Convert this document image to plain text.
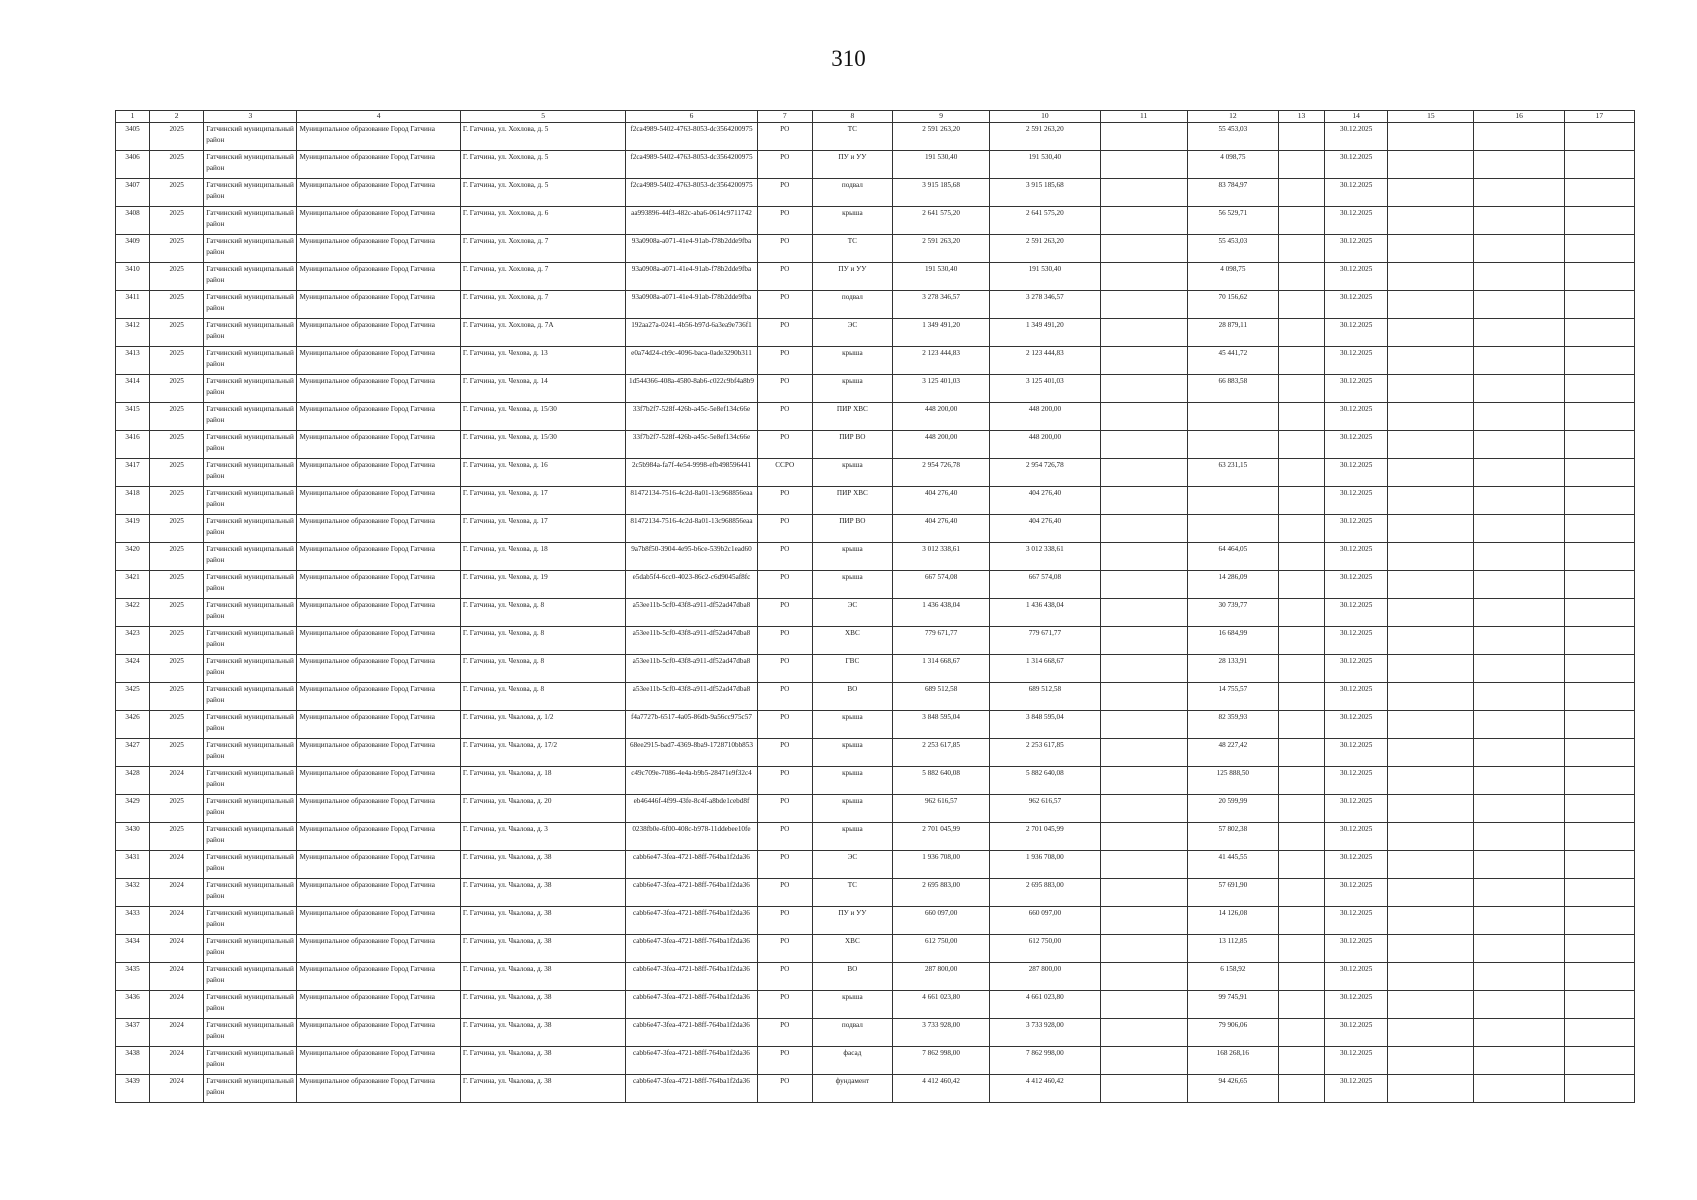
310
1	2	3	4	5	6	7	8	9	10	11	12	13	14	15	16	17
3405	2025	Гатчинский муниципальный район	Муниципальное образование Город Гатчина	Г. Гатчина, ул. Хохлова, д. 5	f2ca4989-5402-4763-8053-dc3564200975	РО	ТС	2 591 263,20	2 591 263,20		55 453,03		30.12.2025			
3406	2025	Гатчинский муниципальный район	Муниципальное образование Город Гатчина	Г. Гатчина, ул. Хохлова, д. 5	f2ca4989-5402-4763-8053-dc3564200975	РО	ПУ и УУ	191 530,40	191 530,40		4 098,75		30.12.2025			
3407	2025	Гатчинский муниципальный район	Муниципальное образование Город Гатчина	Г. Гатчина, ул. Хохлова, д. 5	f2ca4989-5402-4763-8053-dc3564200975	РО	подвал	3 915 185,68	3 915 185,68		83 784,97		30.12.2025			
3408	2025	Гатчинский муниципальный район	Муниципальное образование Город Гатчина	Г. Гатчина, ул. Хохлова, д. 6	aa993896-44f3-482c-aba6-0614c9711742	РО	крыша	2 641 575,20	2 641 575,20		56 529,71		30.12.2025			
3409	2025	Гатчинский муниципальный район	Муниципальное образование Город Гатчина	Г. Гатчина, ул. Хохлова, д. 7	93a0908a-a071-41e4-91ab-f78b2dde9fba	РО	ТС	2 591 263,20	2 591 263,20		55 453,03		30.12.2025			
3410	2025	Гатчинский муниципальный район	Муниципальное образование Город Гатчина	Г. Гатчина, ул. Хохлова, д. 7	93a0908a-a071-41e4-91ab-f78b2dde9fba	РО	ПУ и УУ	191 530,40	191 530,40		4 098,75		30.12.2025			
3411	2025	Гатчинский муниципальный район	Муниципальное образование Город Гатчина	Г. Гатчина, ул. Хохлова, д. 7	93a0908a-a071-41e4-91ab-f78b2dde9fba	РО	подвал	3 278 346,57	3 278 346,57		70 156,62		30.12.2025			
3412	2025	Гатчинский муниципальный район	Муниципальное образование Город Гатчина	Г. Гатчина, ул. Хохлова, д. 7А	192aa27a-0241-4b56-b97d-6a3ea9e736f1	РО	ЭС	1 349 491,20	1 349 491,20		28 879,11		30.12.2025			
3413	2025	Гатчинский муниципальный район	Муниципальное образование Город Гатчина	Г. Гатчина, ул. Чехова, д. 13	e0a74d24-cb9c-4096-baca-0ade3290b311	РО	крыша	2 123 444,83	2 123 444,83		45 441,72		30.12.2025			
3414	2025	Гатчинский муниципальный район	Муниципальное образование Город Гатчина	Г. Гатчина, ул. Чехова, д. 14	1d544366-408a-4580-8ab6-c022c9bf4a8b9	РО	крыша	3 125 401,03	3 125 401,03		66 883,58		30.12.2025			
3415	2025	Гатчинский муниципальный район	Муниципальное образование Город Гатчина	Г. Гатчина, ул. Чехова, д. 15/30	33f7b2f7-528f-426b-a45c-5e8ef134c66e	РО	ПИР ХВС	448 200,00	448 200,00				30.12.2025			
3416	2025	Гатчинский муниципальный район	Муниципальное образование Город Гатчина	Г. Гатчина, ул. Чехова, д. 15/30	33f7b2f7-528f-426b-a45c-5e8ef134c66e	РО	ПИР ВО	448 200,00	448 200,00				30.12.2025			
3417	2025	Гатчинский муниципальный район	Муниципальное образование Город Гатчина	Г. Гатчина, ул. Чехова, д. 16	2c5b984a-fa7f-4e54-9998-efb498596441	ССРО	крыша	2 954 726,78	2 954 726,78		63 231,15		30.12.2025			
3418	2025	Гатчинский муниципальный район	Муниципальное образование Город Гатчина	Г. Гатчина, ул. Чехова, д. 17	81472134-7516-4c2d-8a01-13c968856eaa	РО	ПИР ХВС	404 276,40	404 276,40				30.12.2025			
3419	2025	Гатчинский муниципальный район	Муниципальное образование Город Гатчина	Г. Гатчина, ул. Чехова, д. 17	81472134-7516-4c2d-8a01-13c968856eaa	РО	ПИР ВО	404 276,40	404 276,40				30.12.2025			
3420	2025	Гатчинский муниципальный район	Муниципальное образование Город Гатчина	Г. Гатчина, ул. Чехова, д. 18	9a7b8f50-3904-4e95-b6ce-539b2c1ead60	РО	крыша	3 012 338,61	3 012 338,61		64 464,05		30.12.2025			
3421	2025	Гатчинский муниципальный район	Муниципальное образование Город Гатчина	Г. Гатчина, ул. Чехова, д. 19	e5dab5f4-6cc0-4023-86c2-c6d9045af8fc	РО	крыша	667 574,08	667 574,08		14 286,09		30.12.2025			
3422	2025	Гатчинский муниципальный район	Муниципальное образование Город Гатчина	Г. Гатчина, ул. Чехова, д. 8	a53ee11b-5cf0-43f8-a911-df52ad47dba8	РО	ЭС	1 436 438,04	1 436 438,04		30 739,77		30.12.2025			
3423	2025	Гатчинский муниципальный район	Муниципальное образование Город Гатчина	Г. Гатчина, ул. Чехова, д. 8	a53ee11b-5cf0-43f8-a911-df52ad47dba8	РО	ХВС	779 671,77	779 671,77		16 684,99		30.12.2025			
3424	2025	Гатчинский муниципальный район	Муниципальное образование Город Гатчина	Г. Гатчина, ул. Чехова, д. 8	a53ee11b-5cf0-43f8-a911-df52ad47dba8	РО	ГВС	1 314 668,67	1 314 668,67		28 133,91		30.12.2025			
3425	2025	Гатчинский муниципальный район	Муниципальное образование Город Гатчина	Г. Гатчина, ул. Чехова, д. 8	a53ee11b-5cf0-43f8-a911-df52ad47dba8	РО	ВО	689 512,58	689 512,58		14 755,57		30.12.2025			
3426	2025	Гатчинский муниципальный район	Муниципальное образование Город Гатчина	Г. Гатчина, ул. Чкалова, д. 1/2	f4a7727b-6517-4a05-86db-9a56cc975c57	РО	крыша	3 848 595,04	3 848 595,04		82 359,93		30.12.2025			
3427	2025	Гатчинский муниципальный район	Муниципальное образование Город Гатчина	Г. Гатчина, ул. Чкалова, д. 17/2	68ee2915-bad7-4369-8ba9-1728710bb853	РО	крыша	2 253 617,85	2 253 617,85		48 227,42		30.12.2025			
3428	2024	Гатчинский муниципальный район	Муниципальное образование Город Гатчина	Г. Гатчина, ул. Чкалова, д. 18	c49c709e-7086-4e4a-b9b5-28471e9f32c4	РО	крыша	5 882 640,08	5 882 640,08		125 888,50		30.12.2025			
3429	2025	Гатчинский муниципальный район	Муниципальное образование Город Гатчина	Г. Гатчина, ул. Чкалова, д. 20	eb46446f-4f99-43fe-8c4f-a8bde1cebd8f	РО	крыша	962 616,57	962 616,57		20 599,99		30.12.2025			
3430	2025	Гатчинский муниципальный район	Муниципальное образование Город Гатчина	Г. Гатчина, ул. Чкалова, д. 3	0238fb0e-6f00-408c-b978-11ddebee10fe	РО	крыша	2 701 045,99	2 701 045,99		57 802,38		30.12.2025			
3431	2024	Гатчинский муниципальный район	Муниципальное образование Город Гатчина	Г. Гатчина, ул. Чкалова, д. 38	cabb6e47-3fea-4721-b8ff-764ba1f2da36	РО	ЭС	1 936 708,00	1 936 708,00		41 445,55		30.12.2025			
3432	2024	Гатчинский муниципальный район	Муниципальное образование Город Гатчина	Г. Гатчина, ул. Чкалова, д. 38	cabb6e47-3fea-4721-b8ff-764ba1f2da36	РО	ТС	2 695 883,00	2 695 883,00		57 691,90		30.12.2025			
3433	2024	Гатчинский муниципальный район	Муниципальное образование Город Гатчина	Г. Гатчина, ул. Чкалова, д. 38	cabb6e47-3fea-4721-b8ff-764ba1f2da36	РО	ПУ и УУ	660 097,00	660 097,00		14 126,08		30.12.2025			
3434	2024	Гатчинский муниципальный район	Муниципальное образование Город Гатчина	Г. Гатчина, ул. Чкалова, д. 38	cabb6e47-3fea-4721-b8ff-764ba1f2da36	РО	ХВС	612 750,00	612 750,00		13 112,85		30.12.2025			
3435	2024	Гатчинский муниципальный район	Муниципальное образование Город Гатчина	Г. Гатчина, ул. Чкалова, д. 38	cabb6e47-3fea-4721-b8ff-764ba1f2da36	РО	ВО	287 800,00	287 800,00		6 158,92		30.12.2025			
3436	2024	Гатчинский муниципальный район	Муниципальное образование Город Гатчина	Г. Гатчина, ул. Чкалова, д. 38	cabb6e47-3fea-4721-b8ff-764ba1f2da36	РО	крыша	4 661 023,80	4 661 023,80		99 745,91		30.12.2025			
3437	2024	Гатчинский муниципальный район	Муниципальное образование Город Гатчина	Г. Гатчина, ул. Чкалова, д. 38	cabb6e47-3fea-4721-b8ff-764ba1f2da36	РО	подвал	3 733 928,00	3 733 928,00		79 906,06		30.12.2025			
3438	2024	Гатчинский муниципальный район	Муниципальное образование Город Гатчина	Г. Гатчина, ул. Чкалова, д. 38	cabb6e47-3fea-4721-b8ff-764ba1f2da36	РО	фасад	7 862 998,00	7 862 998,00		168 268,16		30.12.2025			
3439	2024	Гатчинский муниципальный район	Муниципальное образование Город Гатчина	Г. Гатчина, ул. Чкалова, д. 38	cabb6e47-3fea-4721-b8ff-764ba1f2da36	РО	фундамент	4 412 460,42	4 412 460,42		94 426,65		30.12.2025			
